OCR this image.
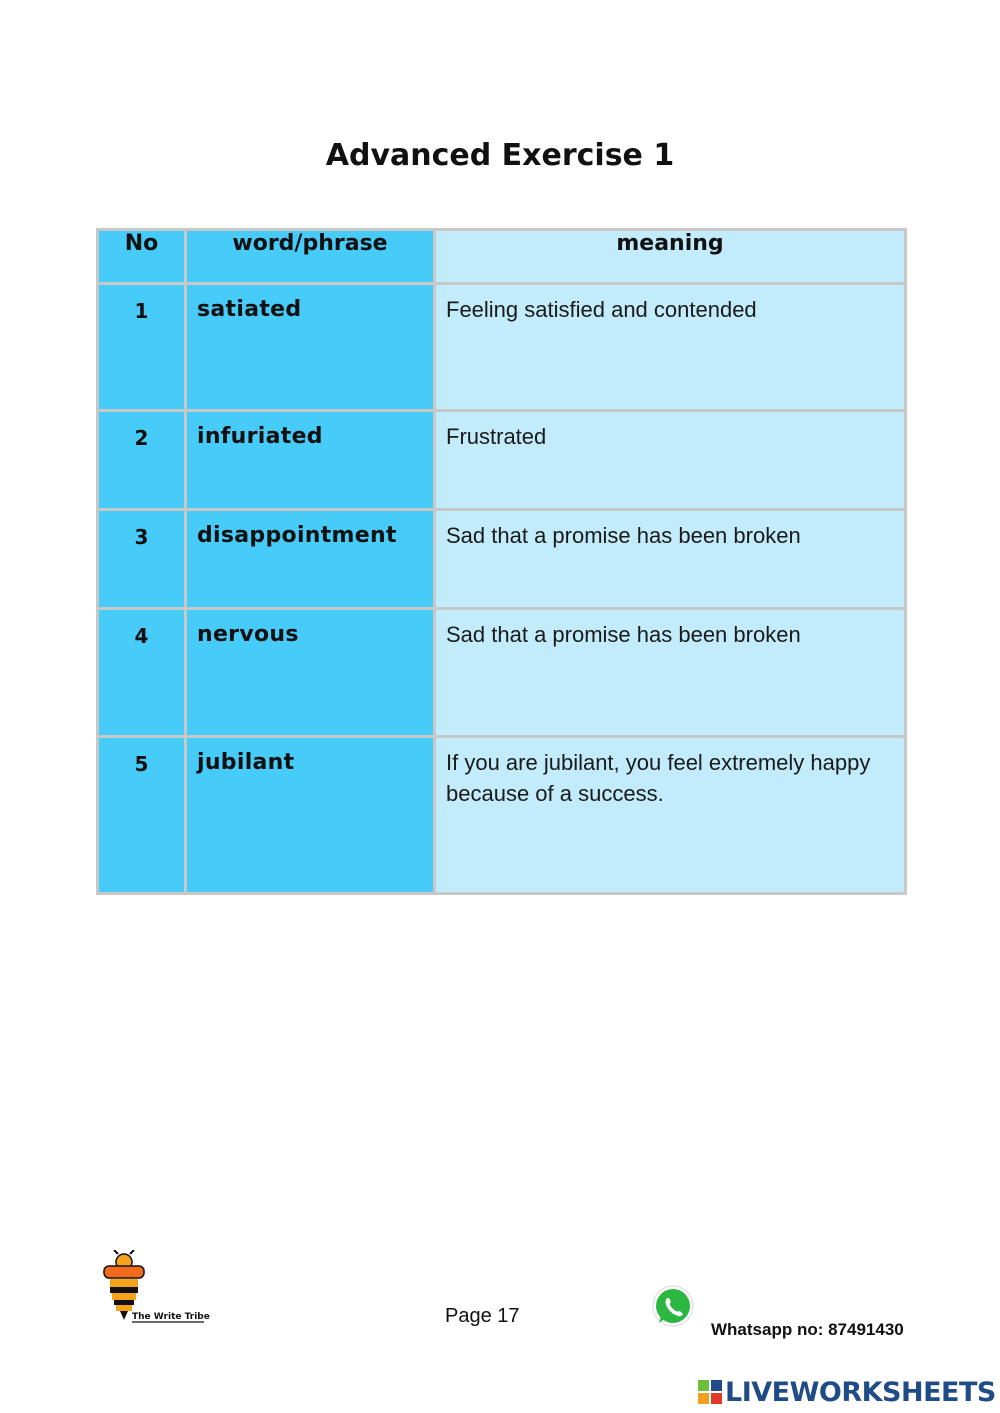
Advanced Exercise 1
No	word/phrase	meaning
1	satiated	Feeling satisfied and contended
2	infuriated	Frustrated
3	disappointment	Sad that a promise has been broken
4	nervous	Sad that a promise has been broken
5	jubilant	If you are jubilant, you feel extremely happy because of a success.
The Write Tribe	Page 17
Whatsapp no: 87491430
LIVEWORKSHEETS
